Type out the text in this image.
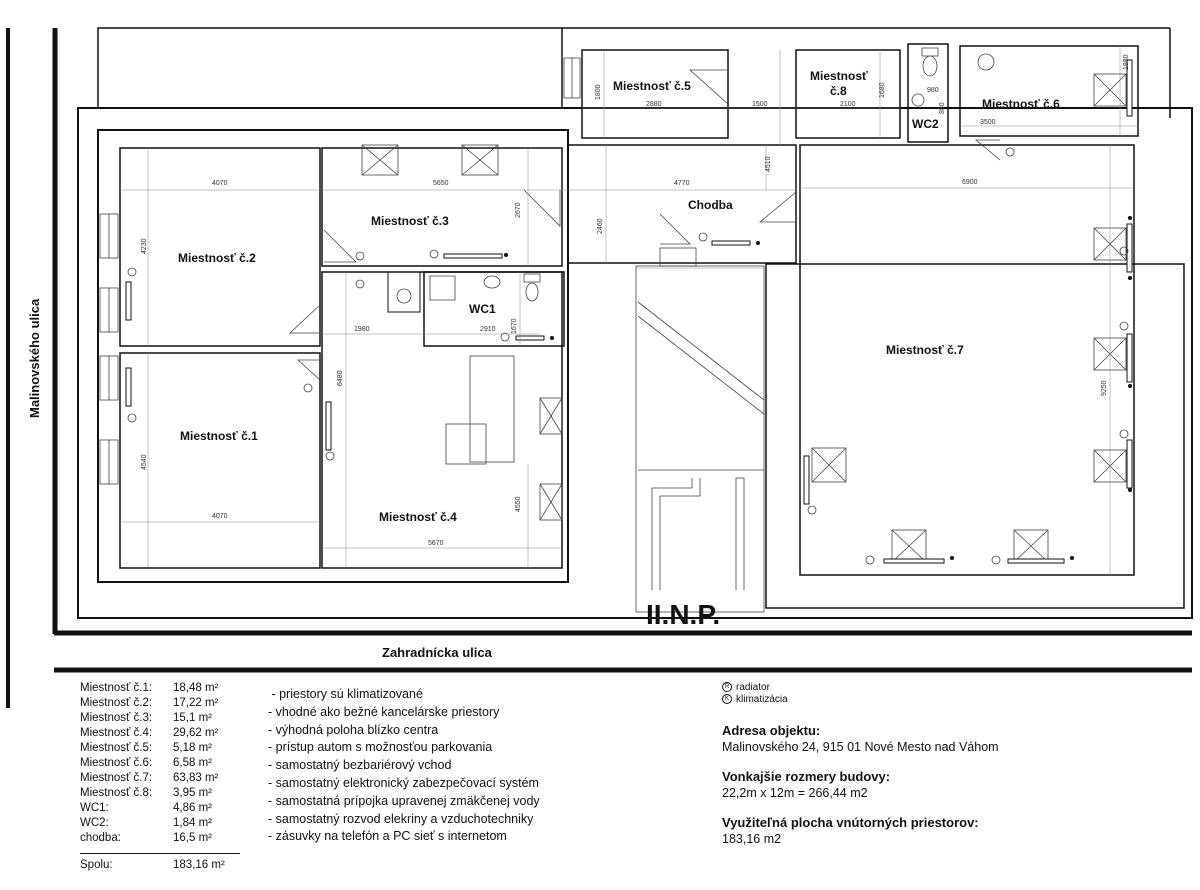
Miestnosť č.2
Miestnosť č.1
Miestnosť č.3
Miestnosť č.4
WC1
Miestnosť č.5
Miestnosť
č.8
WC2
Miestnosť č.6
Chodba
Miestnosť č.7
4070
4230
4070
4540
5650
2670
5670
6480
4550
1980	2910 1670
4770
2460
4510
2880
1800
1500	2100
1680	980
880
3500
1880
6900
9250
Malinovského ulica
Zahradnícka ulica
II.N.P.
Miestnosť č.1:	18,48 m²
Miestnosť č.2:	17,22 m²
Miestnosť č.3:	15,1 m²
Miestnosť č.4:	29,62 m²
Miestnosť č.5:	5,18 m²
Miestnosť č.6:	6,58 m²
Miestnosť č.7:	63,83 m²
Miestnosť č.8:	3,95 m²
WC1:	4,86 m²
WC2:	1,84 m²
chodba:	16,5 m²
Spolu:	183,16 m²
- priestory sú klimatizované
- vhodné ako bežné kancelárske priestory
- výhodná poloha blízko centra
- prístup autom s možnosťou parkovania
- samostatný bezbariérový vchod
- samostatný elektronický zabezpečovací systém
- samostatná prípojka upravenej zmäkčenej vody
- samostatný rozvod elekriny a vzduchotechniky
- zásuvky na telefón a PC sieť s internetom
R radiator
K klimatizácia
Adresa objektu:
Malinovského 24, 915 01 Nové Mesto nad Váhom
Vonkajšie rozmery budovy:
22,2m x 12m = 266,44 m2
Využiteľná plocha vnútorných priestorov:
183,16 m2
